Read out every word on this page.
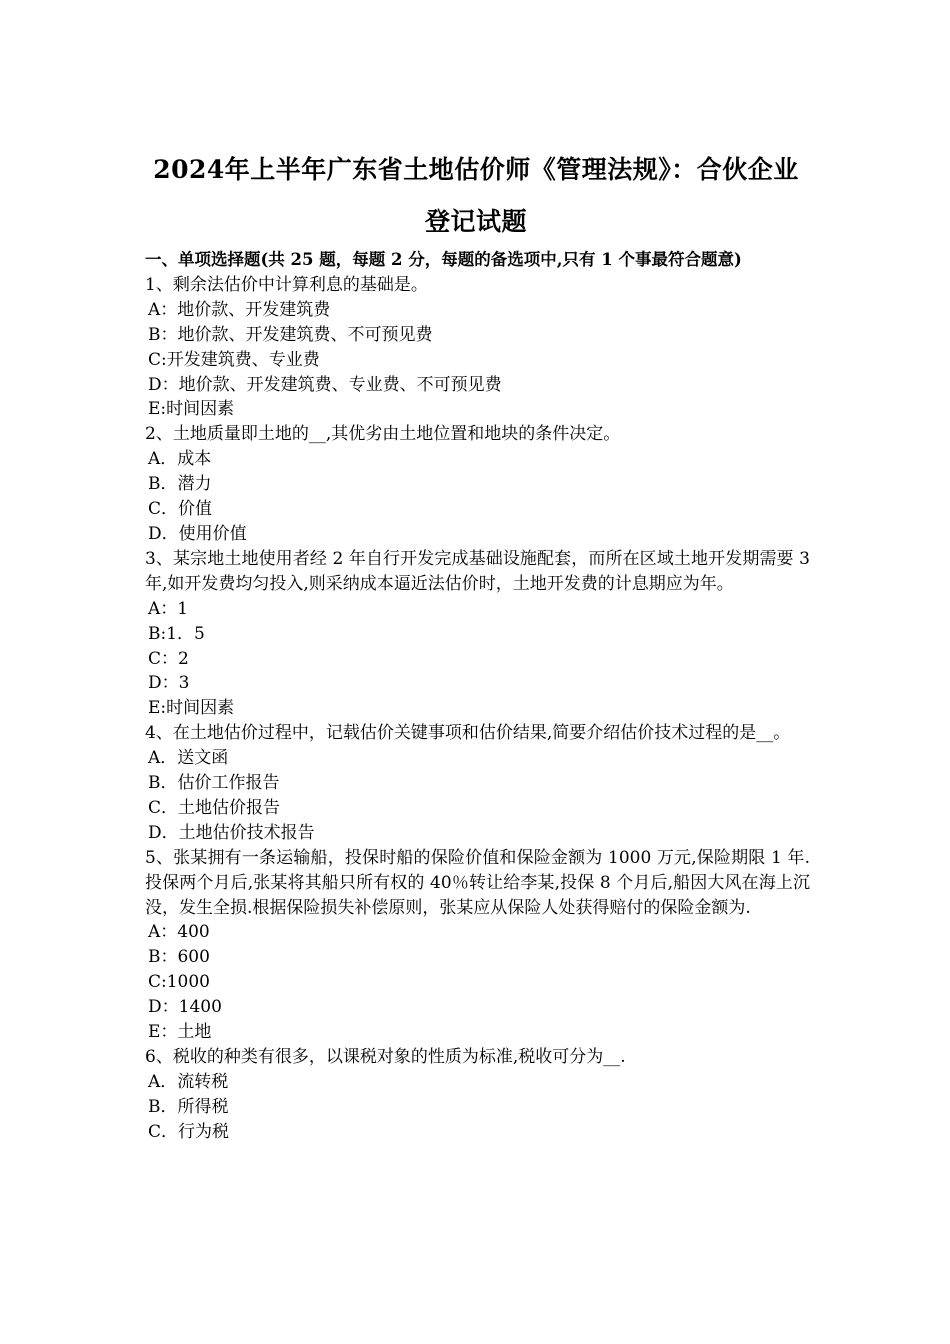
2024年上半年广东省土地估价师《管理法规》：合伙企业
登记试题
一、单项选择题(共 25 题，每题 2 分，每题的备选项中,只有 1 个事最符合题意)
1、剩余法估价中计算利息的基础是。
A：地价款、开发建筑费
B：地价款、开发建筑费、不可预见费
C:开发建筑费、专业费
D：地价款、开发建筑费、专业费、不可预见费
E:时间因素
2、土地质量即土地的__,其优劣由土地位置和地块的条件决定。
A．成本
B．潜力
C．价值
D．使用价值
3、某宗地土地使用者经 2 年自行开发完成基础设施配套，而所在区域土地开发期需要 3 年,如开发费均匀投入,则采纳成本逼近法估价时，土地开发费的计息期应为年。
A：1
B:1．5
C：2
D：3
E:时间因素
4、在土地估价过程中，记载估价关键事项和估价结果,简要介绍估价技术过程的是__。
A．送文函
B．估价工作报告
C．土地估价报告
D．土地估价技术报告
5、张某拥有一条运输船，投保时船的保险价值和保险金额为 1000 万元,保险期限 1 年.投保两个月后,张某将其船只所有权的 40％转让给李某,投保 8 个月后,船因大风在海上沉没，发生全损.根据保险损失补偿原则，张某应从保险人处获得赔付的保险金额为.
A：400
B：600
C:1000
D：1400
E：土地
6、税收的种类有很多，以课税对象的性质为标准,税收可分为__.
A．流转税
B．所得税
C．行为税
